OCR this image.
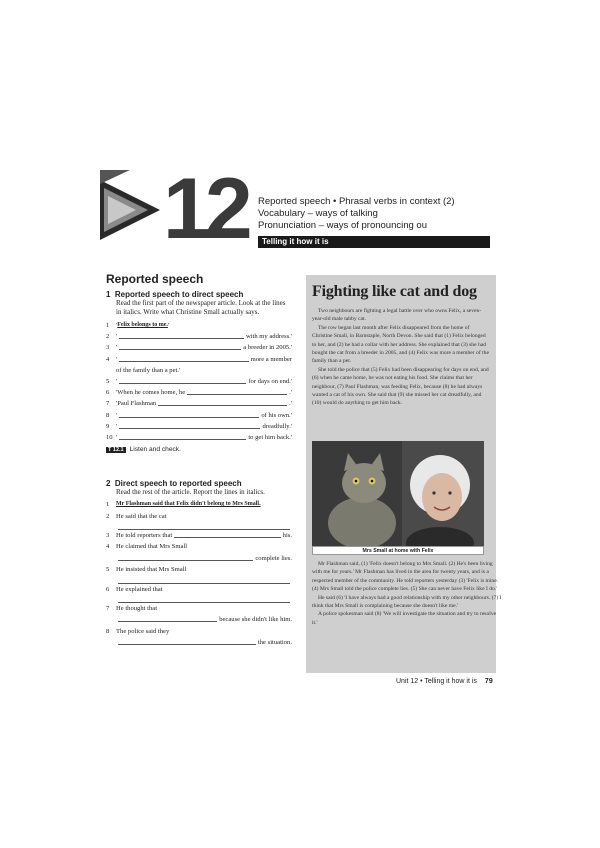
12 Reported speech • Phrasal verbs in context (2)
Vocabulary – ways of talking
Pronunciation – ways of pronouncing ou
Telling it how it is
Reported speech
1 Reported speech to direct speech
Read the first part of the newspaper article. Look at the lines in italics. Write what Christine Small actually says.
1	' Felix belongs to me. '
2	'	with my address.'
3	'	a breeder in 2005.'
4	'	more a member
of the family than a pet.'
5	'	for days on end.'
6	'When he comes home, he	.'
7	'Paul Flashman	.'
8	'	of his own.'
9	'	dreadfully.'
10 '	to get him back.'
T 12.1 Listen and check.
2 Direct speech to reported speech
Read the rest of the article. Report the lines in italics.
1	Mr Flashman said that Felix didn't belong to Mrs Small.
2	He said that the cat
3	He told reporters that	his.
4	He claimed that Mrs Small
complete lies.
5	He insisted that Mrs Small
6	He explained that
7	He thought that
because she didn't like him.
8	The police said they
the situation.
Fighting like cat and dog

Two neighbours are fighting a legal battle over who owns Felix, a seven-year-old male tabby cat.

The row began last month after Felix disappeared from the home of Christine Small, in Barnstaple, North Devon. She said that (1) Felix belonged to her, and (2) he had a collar with her address. She explained that (3) she had bought the cat from a breeder in 2005, and (4) Felix was more a member of the family than a pet.

She told the police that (5) Felix had been disappearing for days on end, and (6) when he came home, he was not eating his food. She claims that her neighbour, (7) Paul Flashman, was feeding Felix, because (8) he had always wanted a cat of his own. She said that (9) she missed her cat dreadfully, and (10) would do anything to get him back.

Mrs Small at home with Felix

Mr Flashman said, (1) 'Felix doesn't belong to Mrs Small. (2) He's been living with me for years.' Mr Flashman has lived in the area for twenty years, and is a respected member of the community. He told reporters yesterday (3) 'Felix is mine. (4) Mrs Small told the police complete lies. (5) She can never have Felix like I do.'

He said (6) 'I have always had a good relationship with my other neighbours. (7) I think that Mrs Small is complaining because she doesn't like me.'

A police spokesman said (8) 'We will investigate the situation and try to resolve it.'

Unit 12 • Telling it how it is 79
